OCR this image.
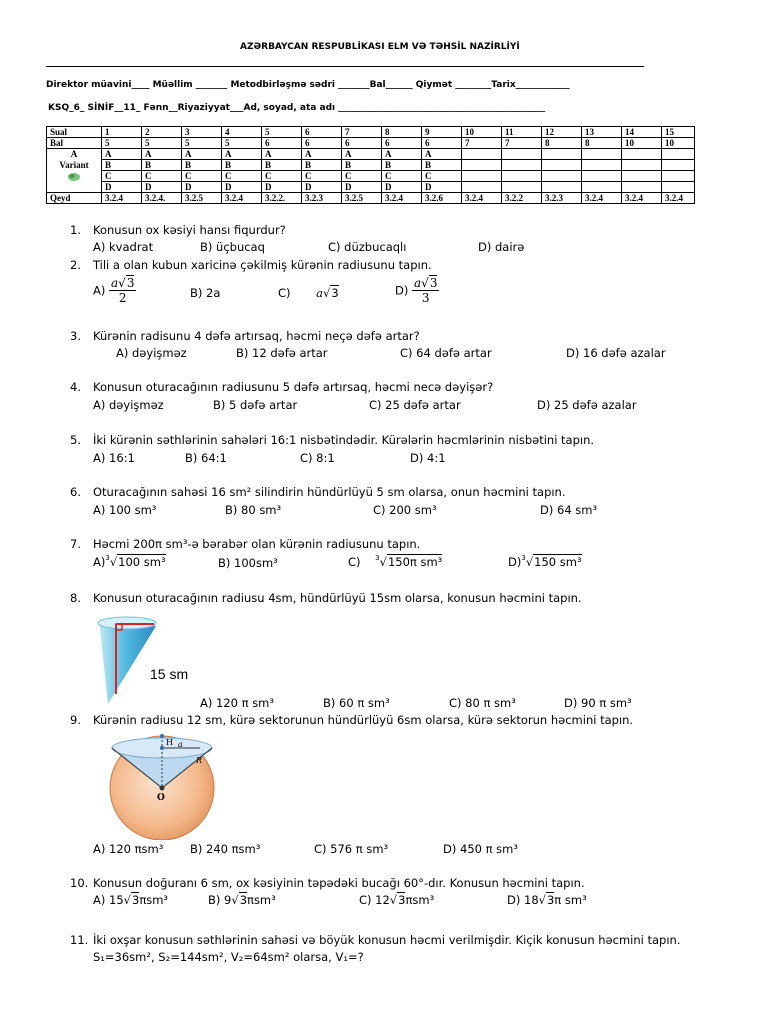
AZƏRBAYCAN RESPUBLİKASI ELM VƏ TƏHSİL NAZİRLİYİ
Direktor müavini____ Müəllim _______ Metodbirləşmə sədri _______Bal______ Qiymət ________Tarix____________
KSQ_6_ SİNİF__11_ Fənn__Riyaziyyat___Ad, soyad, ata adı ______________________________________________
Sual	1	2	3	4	5	6	7	8	9	10	11	12	13	14	15
Bal	5	5	5	5	6	6	6	6	6	7	7	8	8	10	10

A
Variant	A	A	A	A	A	A	A	A	A						
	B	B	B	B	B	B	B	B	B						
	C	C	C	C	C	C	C	C	C						
	D	D	D	D	D	D	D	D	D						
Qeyd	3.2.4	3.2.4.	3.2.5	3.2.4	3.2.2.	3.2.3	3.2.5	3.2.4	3.2.6	3.2.4	3.2.2	3.2.3	3.2.4	3.2.4	3.2.4
1. Konusun ox kəsiyi hansı fiqurdur?
A) kvadrat	B) üçbucaq	C) düzbucaqlı	D) dairə
2. Tili a olan kubun xaricinə çəkilmiş kürənin radiusunu tapın.
$A) \frac{a√3}{2}$	B) 2a	C) a√3	$D) \frac{a√3}{3}$
3. Kürənin radisunu 4 dəfə artırsaq, həcmi neçə dəfə artar?
A) dəyişməz	B) 12 dəfə artar	C) 64 dəfə artar	D) 16 dəfə azalar
4. Konusun oturacağının radiusunu 5 dəfə artırsaq, həcmi necə dəyişər?
A) dəyişməz	B) 5 dəfə artar	C) 25 dəfə artar	D) 25 dəfə azalar
5. İki kürənin səthlərinin sahələri 16:1 nisbətindədir. Kürələrin həcmlərinin nisbətini tapın.
A) 16:1	B) 64:1	C) 8:1	D) 4:1
6. Oturacağının sahəsi 16 sm² silindirin hündürlüyü 5 sm olarsa, onun həcmini tapın.
A) 100 sm³	B) 80 sm³	C) 200 sm³	D) 64 sm³
7. Həcmi 200π sm³-ə bərabər olan kürənin radiusunu tapın.
A)$^3$√100 sm³	B) 100sm³	C) $^3$√150π sm³	D)$^3$√150 sm³
8. Konusun oturacağının radiusu 4sm, hündürlüyü 15sm olarsa, konusun həcmini tapın.
15 sm
A) 120 π sm³	B) 60 π sm³	C) 80 π sm³	D) 90 π sm³
9. Kürənin radiusu 12 sm, kürə sektorunun hündürlüyü 6sm olarsa, kürə sektorun həcmini tapın.
H a
R
O
A) 120 πsm³ B) 240 πsm³	C) 576 π sm³	D) 450 π sm³
10. Konusun doğuranı 6 sm, ox kəsiyinin təpədəki bucağı 60°-dır. Konusun həcmini tapın.
A) 15√3πsm³	B) 9√3πsm³	C) 12√3πsm³	D) 18√3π sm³
11. İki oxşar konusun səthlərinin sahəsi və böyük konusun həcmi verilmişdir. Kiçik konusun həcmini tapın.
S₁=36sm², S₂=144sm², V₂=64sm² olarsa, V₁=?
